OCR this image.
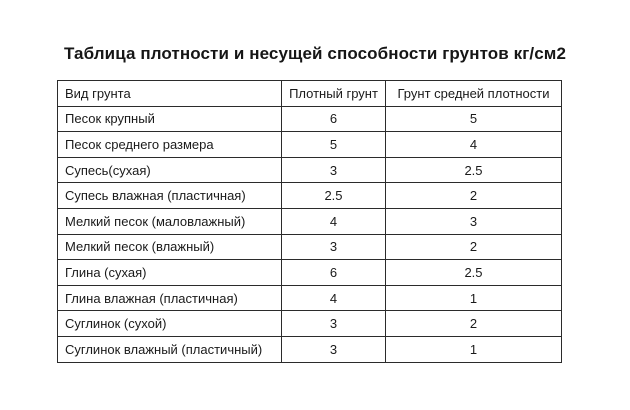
Таблица плотности и несущей способности грунтов кг/см2
Вид грунта	Плотный грунт	Грунт средней плотности
Песок крупный	6	5
Песок среднего размера	5	4
Супесь(сухая)	3	2.5
Супесь влажная (пластичная)	2.5	2
Мелкий песок (маловлажный)	4	3
Мелкий песок (влажный)	3	2
Глина (сухая)	6	2.5
Глина влажная (пластичная)	4	1
Суглинок (сухой)	3	2
Суглинок влажный (пластичный)	3	1
